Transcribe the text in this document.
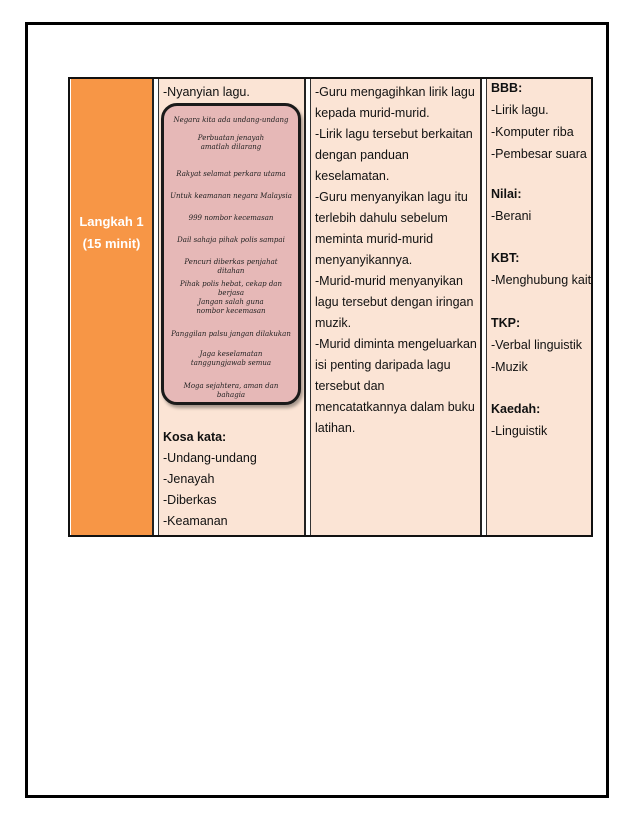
Langkah 1
(15 minit)
-Nyanyian lagu.
Kosa kata:
-Undang-undang
-Jenayah
-Diberkas
-Keamanan
-Guru mengagihkan lirik lagu
kepada murid-murid.
-Lirik lagu tersebut berkaitan
dengan panduan
keselamatan.
-Guru menyanyikan lagu itu
terlebih dahulu sebelum
meminta murid-murid
menyanyikannya.
-Murid-murid menyanyikan
lagu tersebut dengan iringan
muzik.
-Murid diminta mengeluarkan
isi penting daripada lagu
tersebut dan
mencatatkannya dalam buku
latihan.
BBB:
-Lirik lagu.
-Komputer riba
-Pembesar suara
Nilai:
-Berani
KBT:
-Menghubung kait
TKP:
-Verbal linguistik
-Muzik
Kaedah:
-Linguistik
Negara kita ada undang-undang
Perbuatan jenayah amatlah dilarang
Rakyat selamat perkara utama
Untuk keamanan negara Malaysia
999 nombor kecemasan
Dail sahaja pihak polis sampai
Pencuri diberkas penjahat ditahan
Pihak polis hebat, cekap dan berjasa
Jangan salah guna nombor kecemasan
Panggilan palsu jangan dilakukan
Jaga keselamatan tanggungjawab semua
Moga sejahtera, aman dan bahagia
